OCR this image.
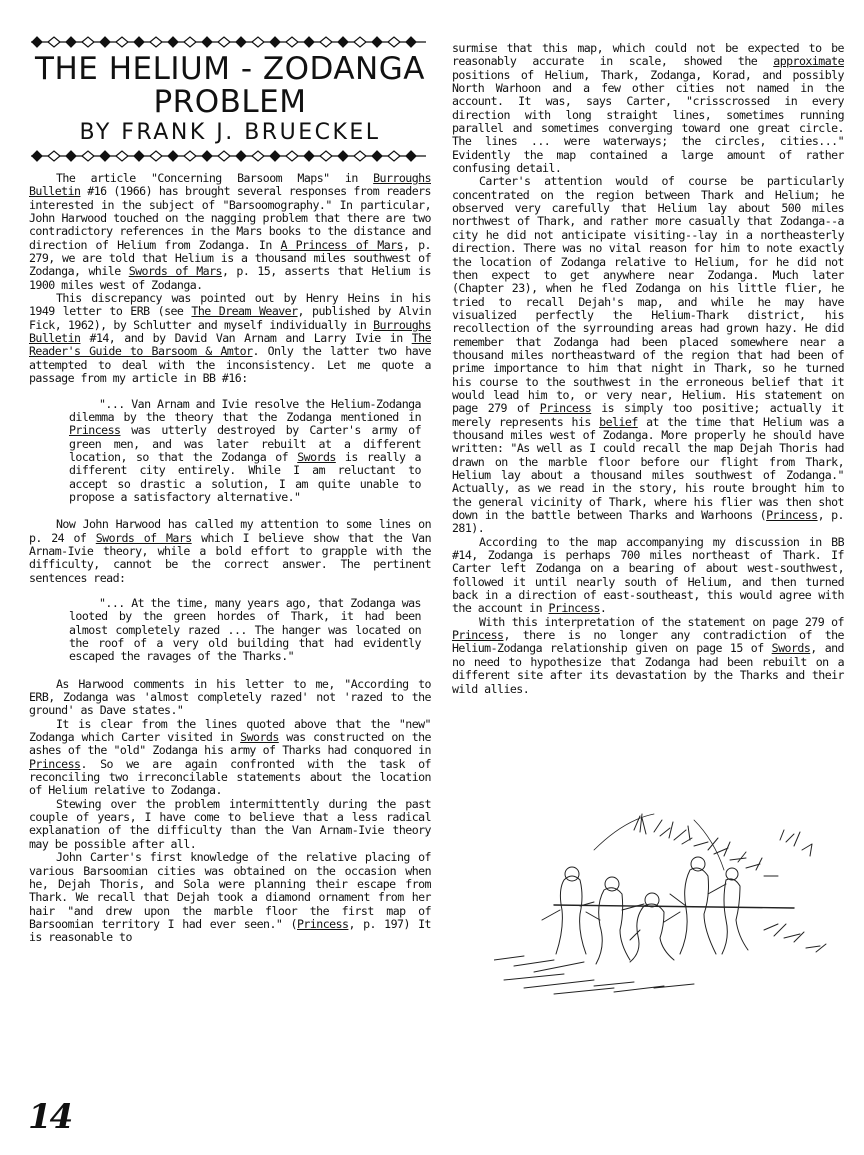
THE HELIUM - ZODANGA
PROBLEM
BY FRANK J. BRUECKEL

The article "Concerning Barsoom Maps" in Burroughs Bulletin #16 (1966) has brought several responses from readers interested in the subject of "Barsoomography." In particular, John Harwood touched on the nagging problem that there are two contradictory references in the Mars books to the distance and direction of Helium from Zodanga. In A Princess of Mars, p. 279, we are told that Helium is a thousand miles southwest of Zodanga, while Swords of Mars, p. 15, asserts that Helium is 1900 miles west of Zodanga.

This discrepancy was pointed out by Henry Heins in his 1949 letter to ERB (see The Dream Weaver, published by Alvin Fick, 1962), by Schlutter and myself individually in Burroughs Bulletin #14, and by David Van Arnam and Larry Ivie in The Reader's Guide to Barsoom & Amtor. Only the latter two have attempted to deal with the inconsistency. Let me quote a passage from my article in BB #16:

"... Van Arnam and Ivie resolve the Helium-Zodanga dilemma by the theory that the Zodanga mentioned in Princess was utterly destroyed by Carter's army of green men, and was later rebuilt at a different location, so that the Zodanga of Swords is really a different city entirely. While I am reluctant to accept so drastic a solution, I am quite unable to propose a satisfactory alternative."

Now John Harwood has called my attention to some lines on p. 24 of Swords of Mars which I believe show that the Van Arnam-Ivie theory, while a bold effort to grapple with the difficulty, cannot be the correct answer. The pertinent sentences read:

"... At the time, many years ago, that Zodanga was looted by the green hordes of Thark, it had been almost completely razed ... The hanger was located on the roof of a very old building that had evidently escaped the ravages of the Tharks."

As Harwood comments in his letter to me, "According to ERB, Zodanga was 'almost completely razed' not 'razed to the ground' as Dave states."

It is clear from the lines quoted above that the "new" Zodanga which Carter visited in Swords was constructed on the ashes of the "old" Zodanga his army of Tharks had conquored in Princess. So we are again confronted with the task of reconciling two irreconcilable statements about the location of Helium relative to Zodanga.

Stewing over the problem intermittently during the past couple of years, I have come to believe that a less radical explanation of the difficulty than the Van Arnam-Ivie theory may be possible after all.

John Carter's first knowledge of the relative placing of various Barsoomian cities was obtained on the occasion when he, Dejah Thoris, and Sola were planning their escape from Thark. We recall that Dejah took a diamond ornament from her hair "and drew upon the marble floor the first map of Barsoomian territory I had ever seen." (Princess, p. 197) It is reasonable to

surmise that this map, which could not be expected to be reasonably accurate in scale, showed the approximate positions of Helium, Thark, Zodanga, Korad, and possibly North Warhoon and a few other cities not named in the account. It was, says Carter, "crisscrossed in every direction with long straight lines, sometimes running parallel and sometimes converging toward one great circle. The lines ... were waterways; the circles, cities..." Evidently the map contained a large amount of rather confusing detail.

Carter's attention would of course be particularly concentrated on the region between Thark and Helium; he observed very carefully that Helium lay about 500 miles northwest of Thark, and rather more casually that Zodanga--a city he did not anticipate visiting--lay in a northeasterly direction. There was no vital reason for him to note exactly the location of Zodanga relative to Helium, for he did not then expect to get anywhere near Zodanga. Much later (Chapter 23), when he fled Zodanga on his little flier, he tried to recall Dejah's map, and while he may have visualized perfectly the Helium-Thark district, his recollection of the syrrounding areas had grown hazy. He did remember that Zodanga had been placed somewhere near a thousand miles northeastward of the region that had been of prime importance to him that night in Thark, so he turned his course to the southwest in the erroneous belief that it would lead him to, or very near, Helium. His statement on page 279 of Princess is simply too positive; actually it merely represents his belief at the time that Helium was a thousand miles west of Zodanga. More properly he should have written: "As well as I could recall the map Dejah Thoris had drawn on the marble floor before our flight from Thark, Helium lay about a thousand miles southwest of Zodanga." Actually, as we read in the story, his route brought him to the general vicinity of Thark, where his flier was then shot down in the battle between Tharks and Warhoons (Princess, p. 281).

According to the map accompanying my discussion in BB #14, Zodanga is perhaps 700 miles northeast of Thark. If Carter left Zodanga on a bearing of about west-southwest, followed it until nearly south of Helium, and then turned back in a direction of east-southeast, this would agree with the account in Princess.

With this interpretation of the statement on page 279 of Princess, there is no longer any contradiction of the Helium-Zodanga relationship given on page 15 of Swords, and no need to hypothesize that Zodanga had been rebuilt on a different site after its devastation by the Tharks and their wild allies.

14
